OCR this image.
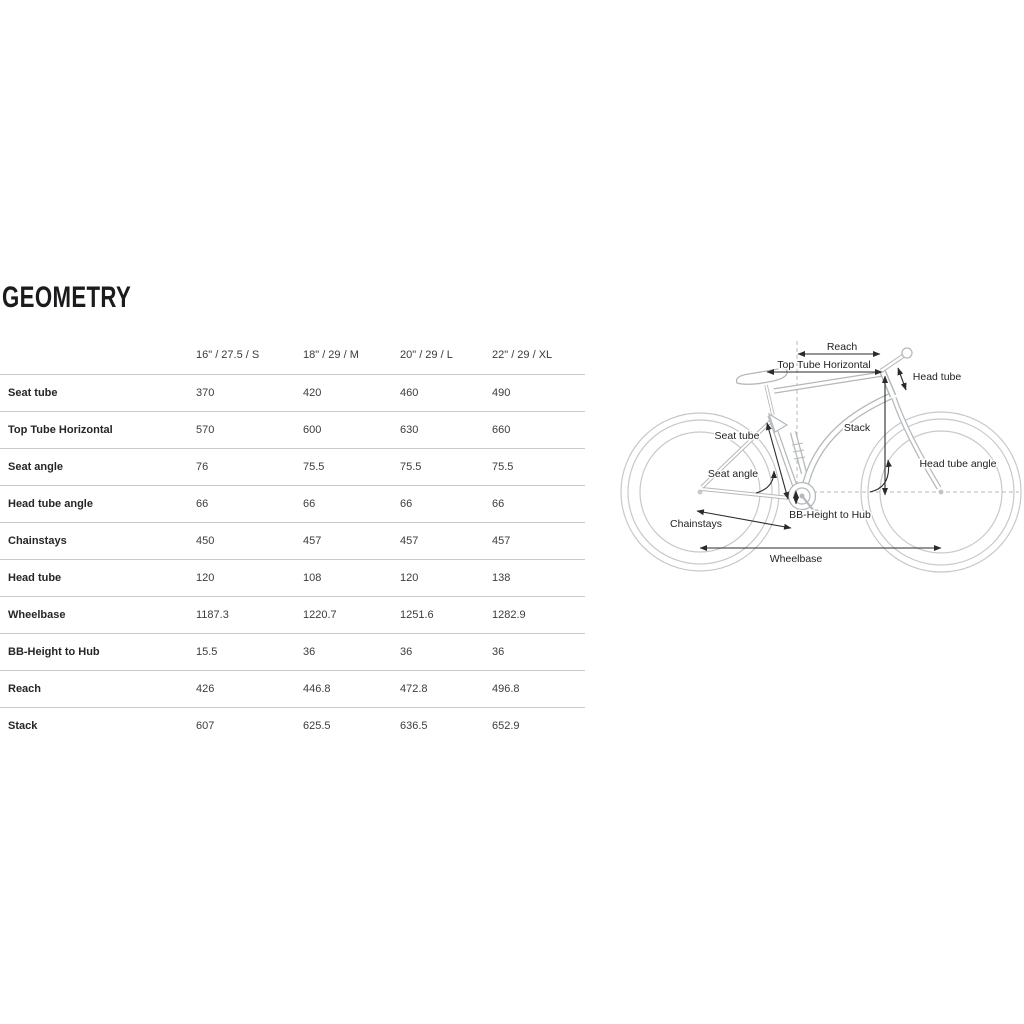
GEOMETRY
16" / 27.5 / S	18" / 29 / M	20" / 29 / L	22" / 29 / XL
Seat tube	370	420	460	490
Top Tube Horizontal	570	600	630	660
Seat angle	76	75.5	75.5	75.5
Head tube angle	66	66	66	66
Chainstays	450	457	457	457
Head tube	120	108	120	138
Wheelbase	1187.3	1220.7	1251.6	1282.9
BB-Height to Hub	15.5	36	36	36
Reach	426	446.8	472.8	496.8
Stack	607	625.5	636.5	652.9
Reach
Top Tube Horizontal
Head tube
Stack
Seat tube
Seat angle
Head tube angle
BB-Height to Hub
Chainstays
Wheelbase
